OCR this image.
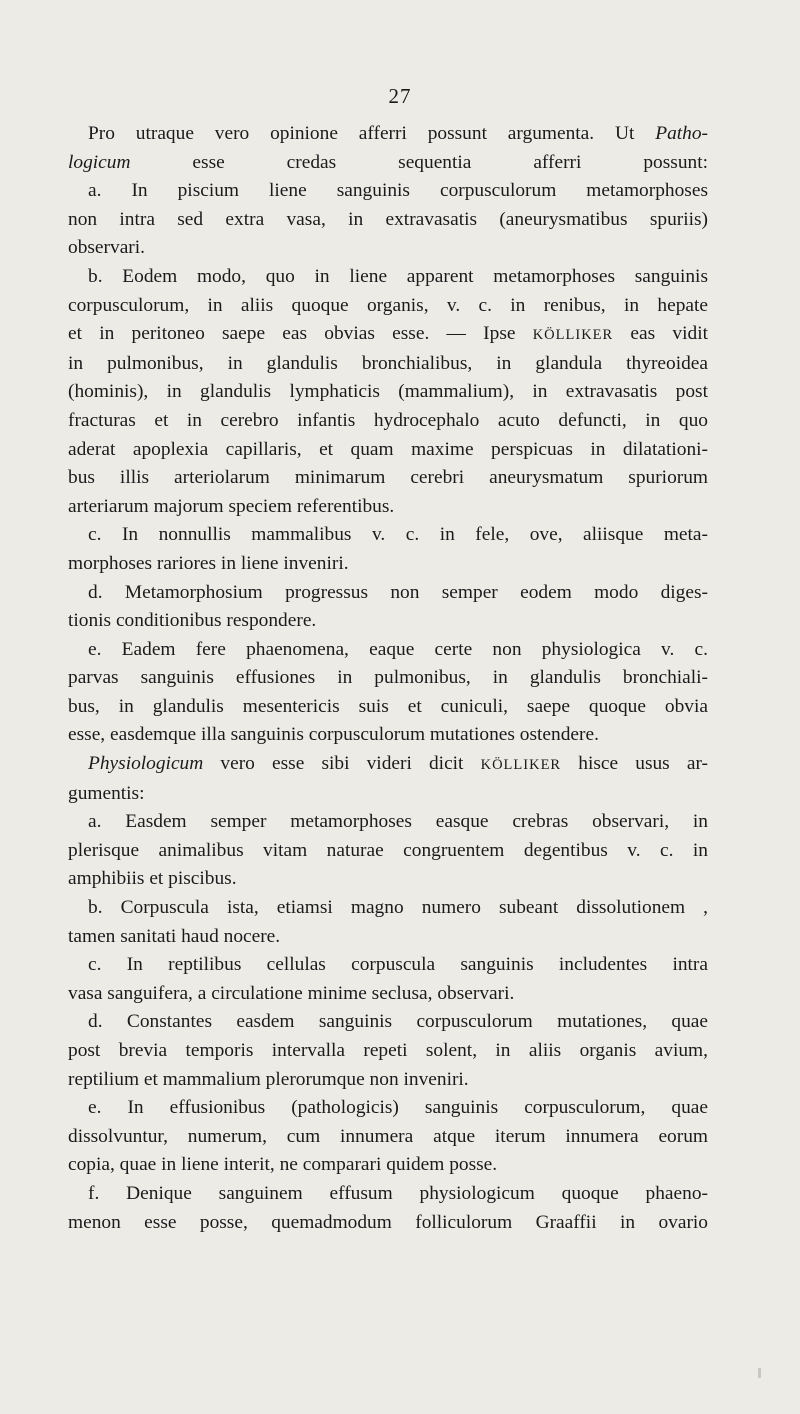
27
Pro utraque vero opinione afferri possunt argumenta. Ut Patho-
logicum esse credas sequentia afferri possunt:
a. In piscium liene sanguinis corpusculorum metamorphoses
non intra sed extra vasa, in extravasatis (aneurysmatibus spuriis)
observari.
b. Eodem modo, quo in liene apparent metamorphoses sanguinis
corpusculorum, in aliis quoque organis, v. c. in renibus, in hepate
et in peritoneo saepe eas obvias esse. — Ipse KÖLLIKER eas vidit
in pulmonibus, in glandulis bronchialibus, in glandula thyreoidea
(hominis), in glandulis lymphaticis (mammalium), in extravasatis post
fracturas et in cerebro infantis hydrocephalo acuto defuncti, in quo
aderat apoplexia capillaris, et quam maxime perspicuas in dilatationi-
bus illis arteriolarum minimarum cerebri aneurysmatum spuriorum
arteriarum majorum speciem referentibus.
c. In nonnullis mammalibus v. c. in fele, ove, aliisque meta-
morphoses rariores in liene inveniri.
d. Metamorphosium progressus non semper eodem modo diges-
tionis conditionibus respondere.
e. Eadem fere phaenomena, eaque certe non physiologica v. c.
parvas sanguinis effusiones in pulmonibus, in glandulis bronchiali-
bus, in glandulis mesentericis suis et cuniculi, saepe quoque obvia
esse, easdemque illa sanguinis corpusculorum mutationes ostendere.
Physiologicum vero esse sibi videri dicit KÖLLIKER hisce usus ar-
gumentis:
a. Easdem semper metamorphoses easque crebras observari, in
plerisque animalibus vitam naturae congruentem degentibus v. c. in
amphibiis et piscibus.
b. Corpuscula ista, etiamsi magno numero subeant dissolutionem ,
tamen sanitati haud nocere.
c. In reptilibus cellulas corpuscula sanguinis includentes intra
vasa sanguifera, a circulatione minime seclusa, observari.
d. Constantes easdem sanguinis corpusculorum mutationes, quae
post brevia temporis intervalla repeti solent, in aliis organis avium,
reptilium et mammalium plerorumque non inveniri.
e. In effusionibus (pathologicis) sanguinis corpusculorum, quae
dissolvuntur, numerum, cum innumera atque iterum innumera eorum
copia, quae in liene interit, ne comparari quidem posse.
f. Denique sanguinem effusum physiologicum quoque phaeno-
menon esse posse, quemadmodum folliculorum Graaffii in ovario
